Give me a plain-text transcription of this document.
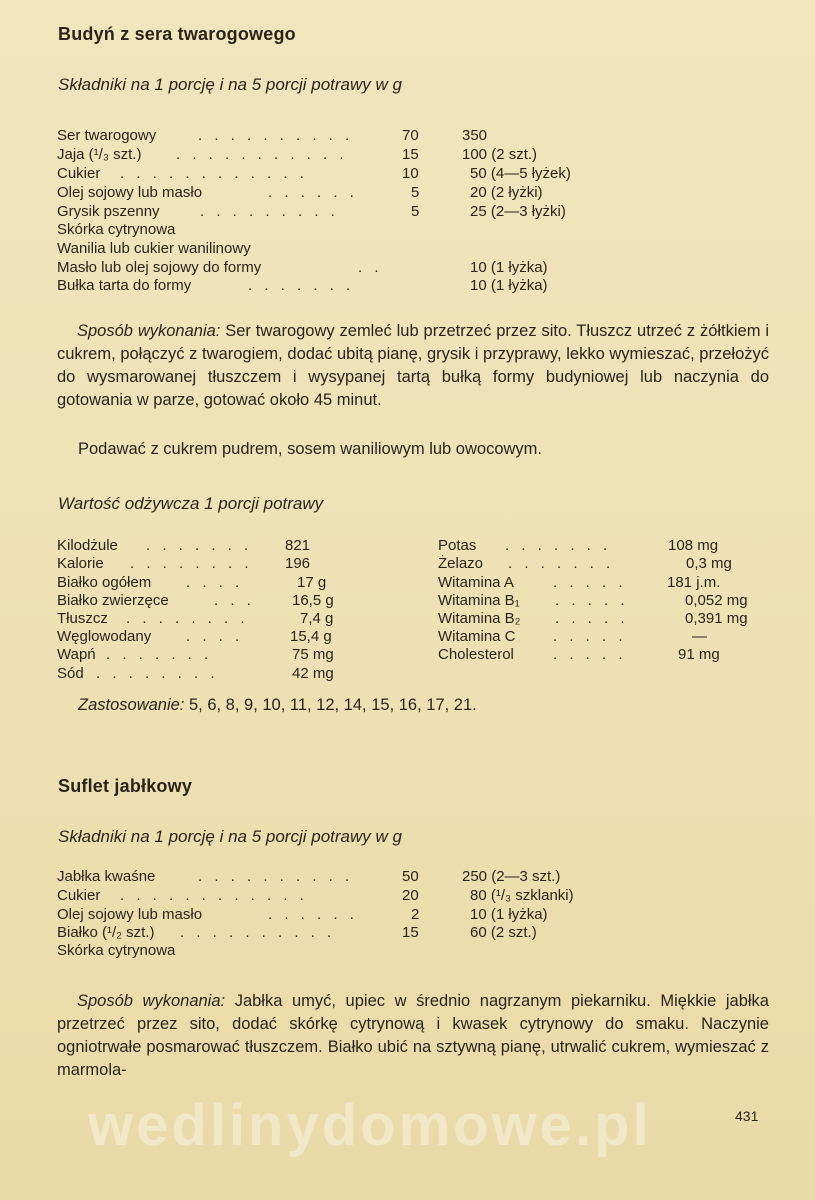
Budyń z sera twarogowego
Składniki na 1 porcję i na 5 porcji potrawy w g
Ser twarogowy	. . . . . . . . . .	70	350
Jaja (¹/₃ szt.) . . . . . . . . . . .	15	100 (2 szt.)
Cukier . . . . . . . . . . . .	10	50 (4—5 łyżek)
Olej sojowy lub masło	. . . . . .	5	20 (2 łyżki)
Grysik pszenny	. . . . . . . . .	5	25 (2—3 łyżki)
Skórka cytrynowa
Wanilia lub cukier wanilinowy
Masło lub olej sojowy do formy	. .	10 (1 łyżka)
Bułka tarta do formy	. . . . . . .	10 (1 łyżka)
Sposób wykonania: Ser twarogowy zemleć lub przetrzeć przez sito. Tłuszcz utrzeć z żółtkiem i cukrem, połączyć z twarogiem, dodać ubitą pianę, grysik i przyprawy, lekko wymieszać, przełożyć do wysmarowanej tłuszczem i wysypanej tartą bułką formy budyniowej lub naczynia do gotowania w parze, gotować około 45 minut.
Podawać z cukrem pudrem, sosem waniliowym lub owocowym.
Wartość odżywcza 1 porcji potrawy
Kilodżule . . . . . . . 821
Kalorie . . . . . . . . 196
Białko ogółem . . . .	17 g
Białko zwierzęce	. . . 16,5 g
Tłuszcz . . . . . . . .	7,4 g
Węglowodany . . . .	15,4 g
Wapń . . . . . . .	75 mg
Sód . . . . . . . .	42 mg
Potas . . . . . . .	108 mg
Żelazo . . . . . . .	0,3 mg
Witamina A	. . . . .	181 j.m.
Witamina B₁ . . . . .	0,052 mg
Witamina B₂ . . . . .	0,391 mg
Witamina C . . . . .	—
Cholesterol	. . . . .	91 mg
Zastosowanie: 5, 6, 8, 9, 10, 11, 12, 14, 15, 16, 17, 21.
Suflet jabłkowy
Składniki na 1 porcję i na 5 porcji potrawy w g
Jabłka kwaśne	. . . . . . . . . .	50	250 (2—3 szt.)
Cukier . . . . . . . . . . . .	20	80 (¹/₃ szklanki)
Olej sojowy lub masło	. . . . . .	2	10 (1 łyżka)
Białko (¹/₂ szt.) . . . . . . . . . .	15	60 (2 szt.)
Skórka cytrynowa
Sposób wykonania: Jabłka umyć, upiec w średnio nagrzanym piekarniku. Miękkie jabłka przetrzeć przez sito, dodać skórkę cytrynową i kwasek cytrynowy do smaku. Naczynie ogniotrwałe posmarować tłuszczem. Białko ubić na sztywną pianę, utrwalić cukrem, wymieszać z marmola-
wedlinydomowe.pl	431
